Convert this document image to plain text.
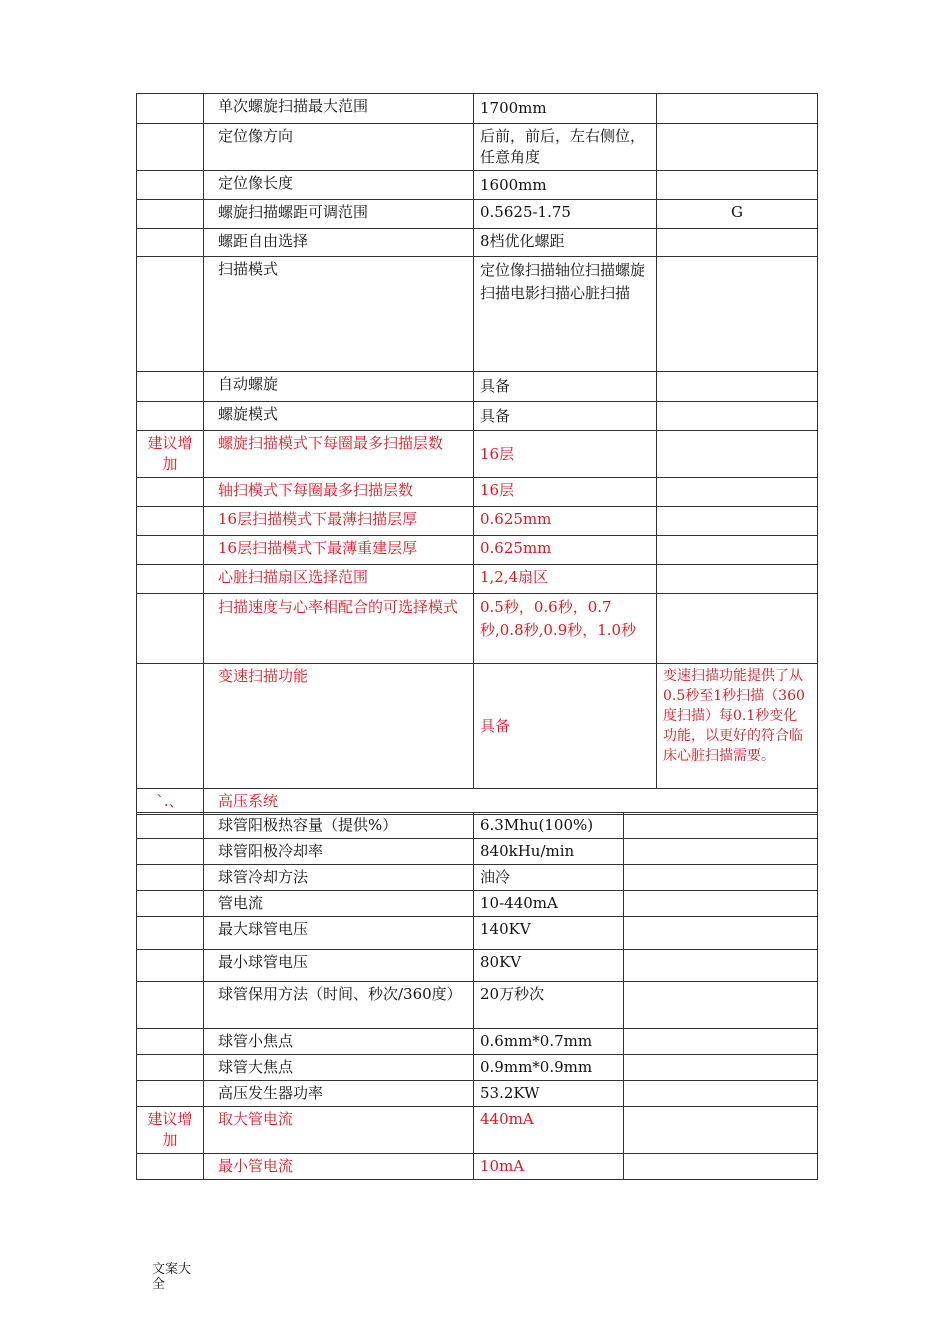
	单次螺旋扫描最大范围	1700mm	
	定位像方向	后前，前后，左右侧位，任意角度	
	定位像长度	1600mm	
	螺旋扫描螺距可调范围	0.5625-1.75	G
	螺距自由选择	8档优化螺距	
	扫描模式	定位像扫描轴位扫描螺旋扫描电影扫描心脏扫描	
	自动螺旋	具备	
	螺旋模式	具备	
建议增加	螺旋扫描模式下每圈最多扫描层数	16层	
	轴扫模式下每圈最多扫描层数	16层	
	16层扫描模式下最薄扫描层厚	0.625mm	
	16层扫描模式下最薄重建层厚	0.625mm	
	心脏扫描扇区选择范围	1,2,4扇区	
	扫描速度与心率相配合的可选择模式	0.5秒，0.6秒，0.7秒,0.8秒,0.9秒，1.0秒	
	变速扫描功能	具备	变速扫描功能提供了从0.5秒至1秒扫描（360度扫描）每0.1秒变化功能，以更好的符合临床心脏扫描需要。
`.、	高压系统		
	球管阳极热容量（提供%）	6.3Mhu(100%)	
	球管阳极冷却率	840kHu/min	
	球管冷却方法	油冷	
	管电流	10-440mA	
	最大球管电压	140KV	
	最小球管电压	80KV	
	球管保用方法（时间、秒次/360度）	20万秒次	
	球管小焦点	0.6mm*0.7mm	
	球管大焦点	0.9mm*0.9mm	
	高压发生器功率	53.2KW	
建议增加	取大管电流	440mA	
	最小管电流	10mA	
文案大全
